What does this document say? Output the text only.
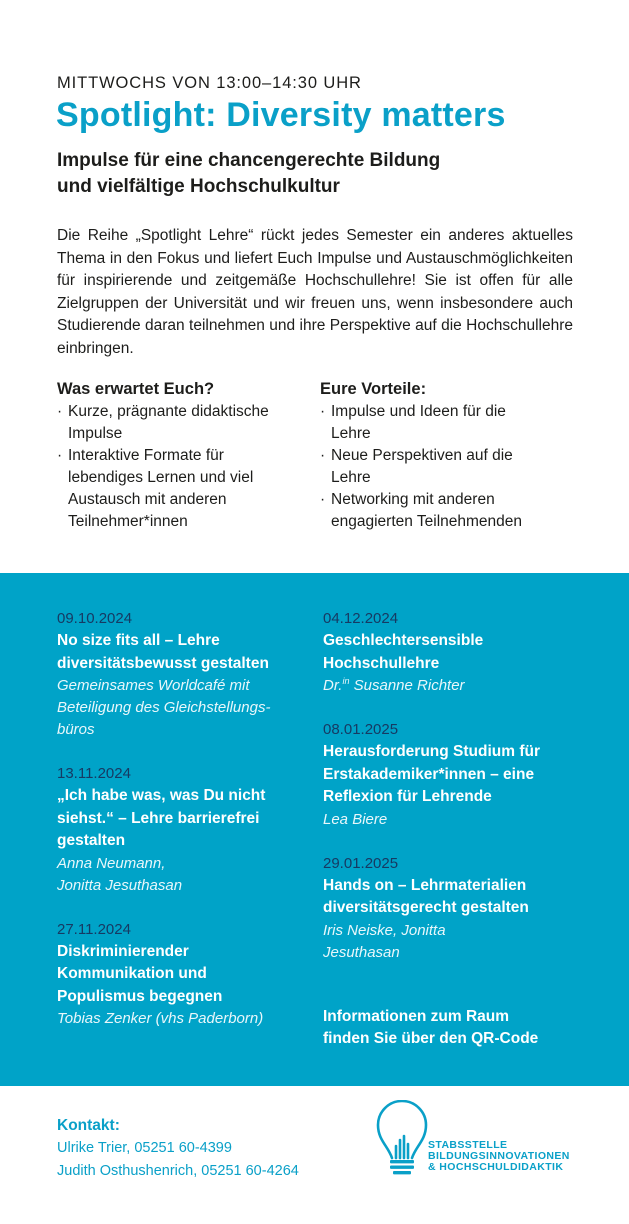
MITTWOCHS VON 13:00–14:30 UHR
Spotlight: Diversity matters
Impulse für eine chancengerechte Bildung
und vielfältige Hochschulkultur

Die Reihe „Spotlight Lehre“ rückt jedes Semester ein anderes aktuelles Thema in den Fokus und liefert Euch Impulse und Austauschmöglichkeiten für inspirierende und zeitgemäße Hochschullehre! Sie ist offen für alle Zielgruppen der Universität und wir freuen uns, wenn insbesondere auch Studierende daran teilnehmen und ihre Perspektive auf die Hochschullehre einbringen.

Was erwartet Euch?
· Kurze, prägnante didaktische Impulse
· Interaktive Formate für lebendiges Lernen und viel Austausch mit anderen Teilnehmer*innen
Eure Vorteile:
· Impulse und Ideen für die Lehre
· Neue Perspektiven auf die Lehre
· Networking mit anderen engagierten Teilnehmenden
09.10.2024
No size fits all – Lehre diversitätsbewusst gestalten
Gemeinsames Worldcafé mit Beteiligung des Gleichstellungsbüros
13.11.2024
„Ich habe was, was Du nicht siehst.“ – Lehre barrierefrei gestalten
Anna Neumann, Jonitta Jesuthasan
27.11.2024
Diskriminierender Kommunikation und Populismus begegnen
Tobias Zenker (vhs Paderborn)
04.12.2024
Geschlechtersensible Hochschullehre
Dr.$^{in}$ Susanne Richter
08.01.2025
Herausforderung Studium für Erstakademiker*innen – eine Reflexion für Lehrende
Lea Biere
29.01.2025
Hands on – Lehrmaterialien diversitätsgerecht gestalten
Iris Neiske, Jonitta Jesuthasan
Informationen zum Raum
finden Sie über den QR-Code
Kontakt:
Ulrike Trier, 05251 60-4399
Judith Osthushenrich, 05251 60-4264
STABSSTELLE
BILDUNGSINNOVATIONEN
& HOCHSCHULDIDAKTIK
